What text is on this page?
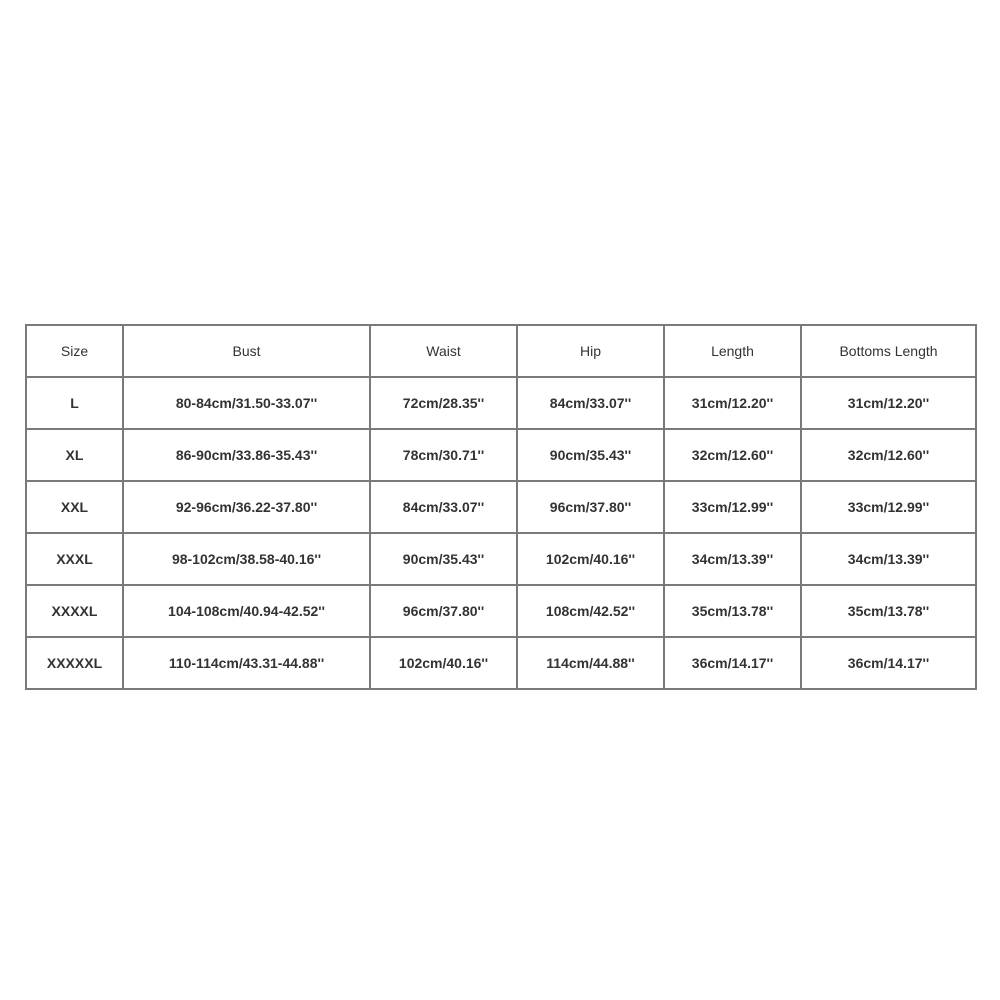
Size	Bust	Waist	Hip	Length	Bottoms Length
L	80-84cm/31.50-33.07''	72cm/28.35''	84cm/33.07''	31cm/12.20''	31cm/12.20''
XL	86-90cm/33.86-35.43''	78cm/30.71''	90cm/35.43''	32cm/12.60''	32cm/12.60''
XXL	92-96cm/36.22-37.80''	84cm/33.07''	96cm/37.80''	33cm/12.99''	33cm/12.99''
XXXL	98-102cm/38.58-40.16''	90cm/35.43''	102cm/40.16''	34cm/13.39''	34cm/13.39''
XXXXL	104-108cm/40.94-42.52''	96cm/37.80''	108cm/42.52''	35cm/13.78''	35cm/13.78''
XXXXXL	110-114cm/43.31-44.88''	102cm/40.16''	114cm/44.88''	36cm/14.17''	36cm/14.17''
